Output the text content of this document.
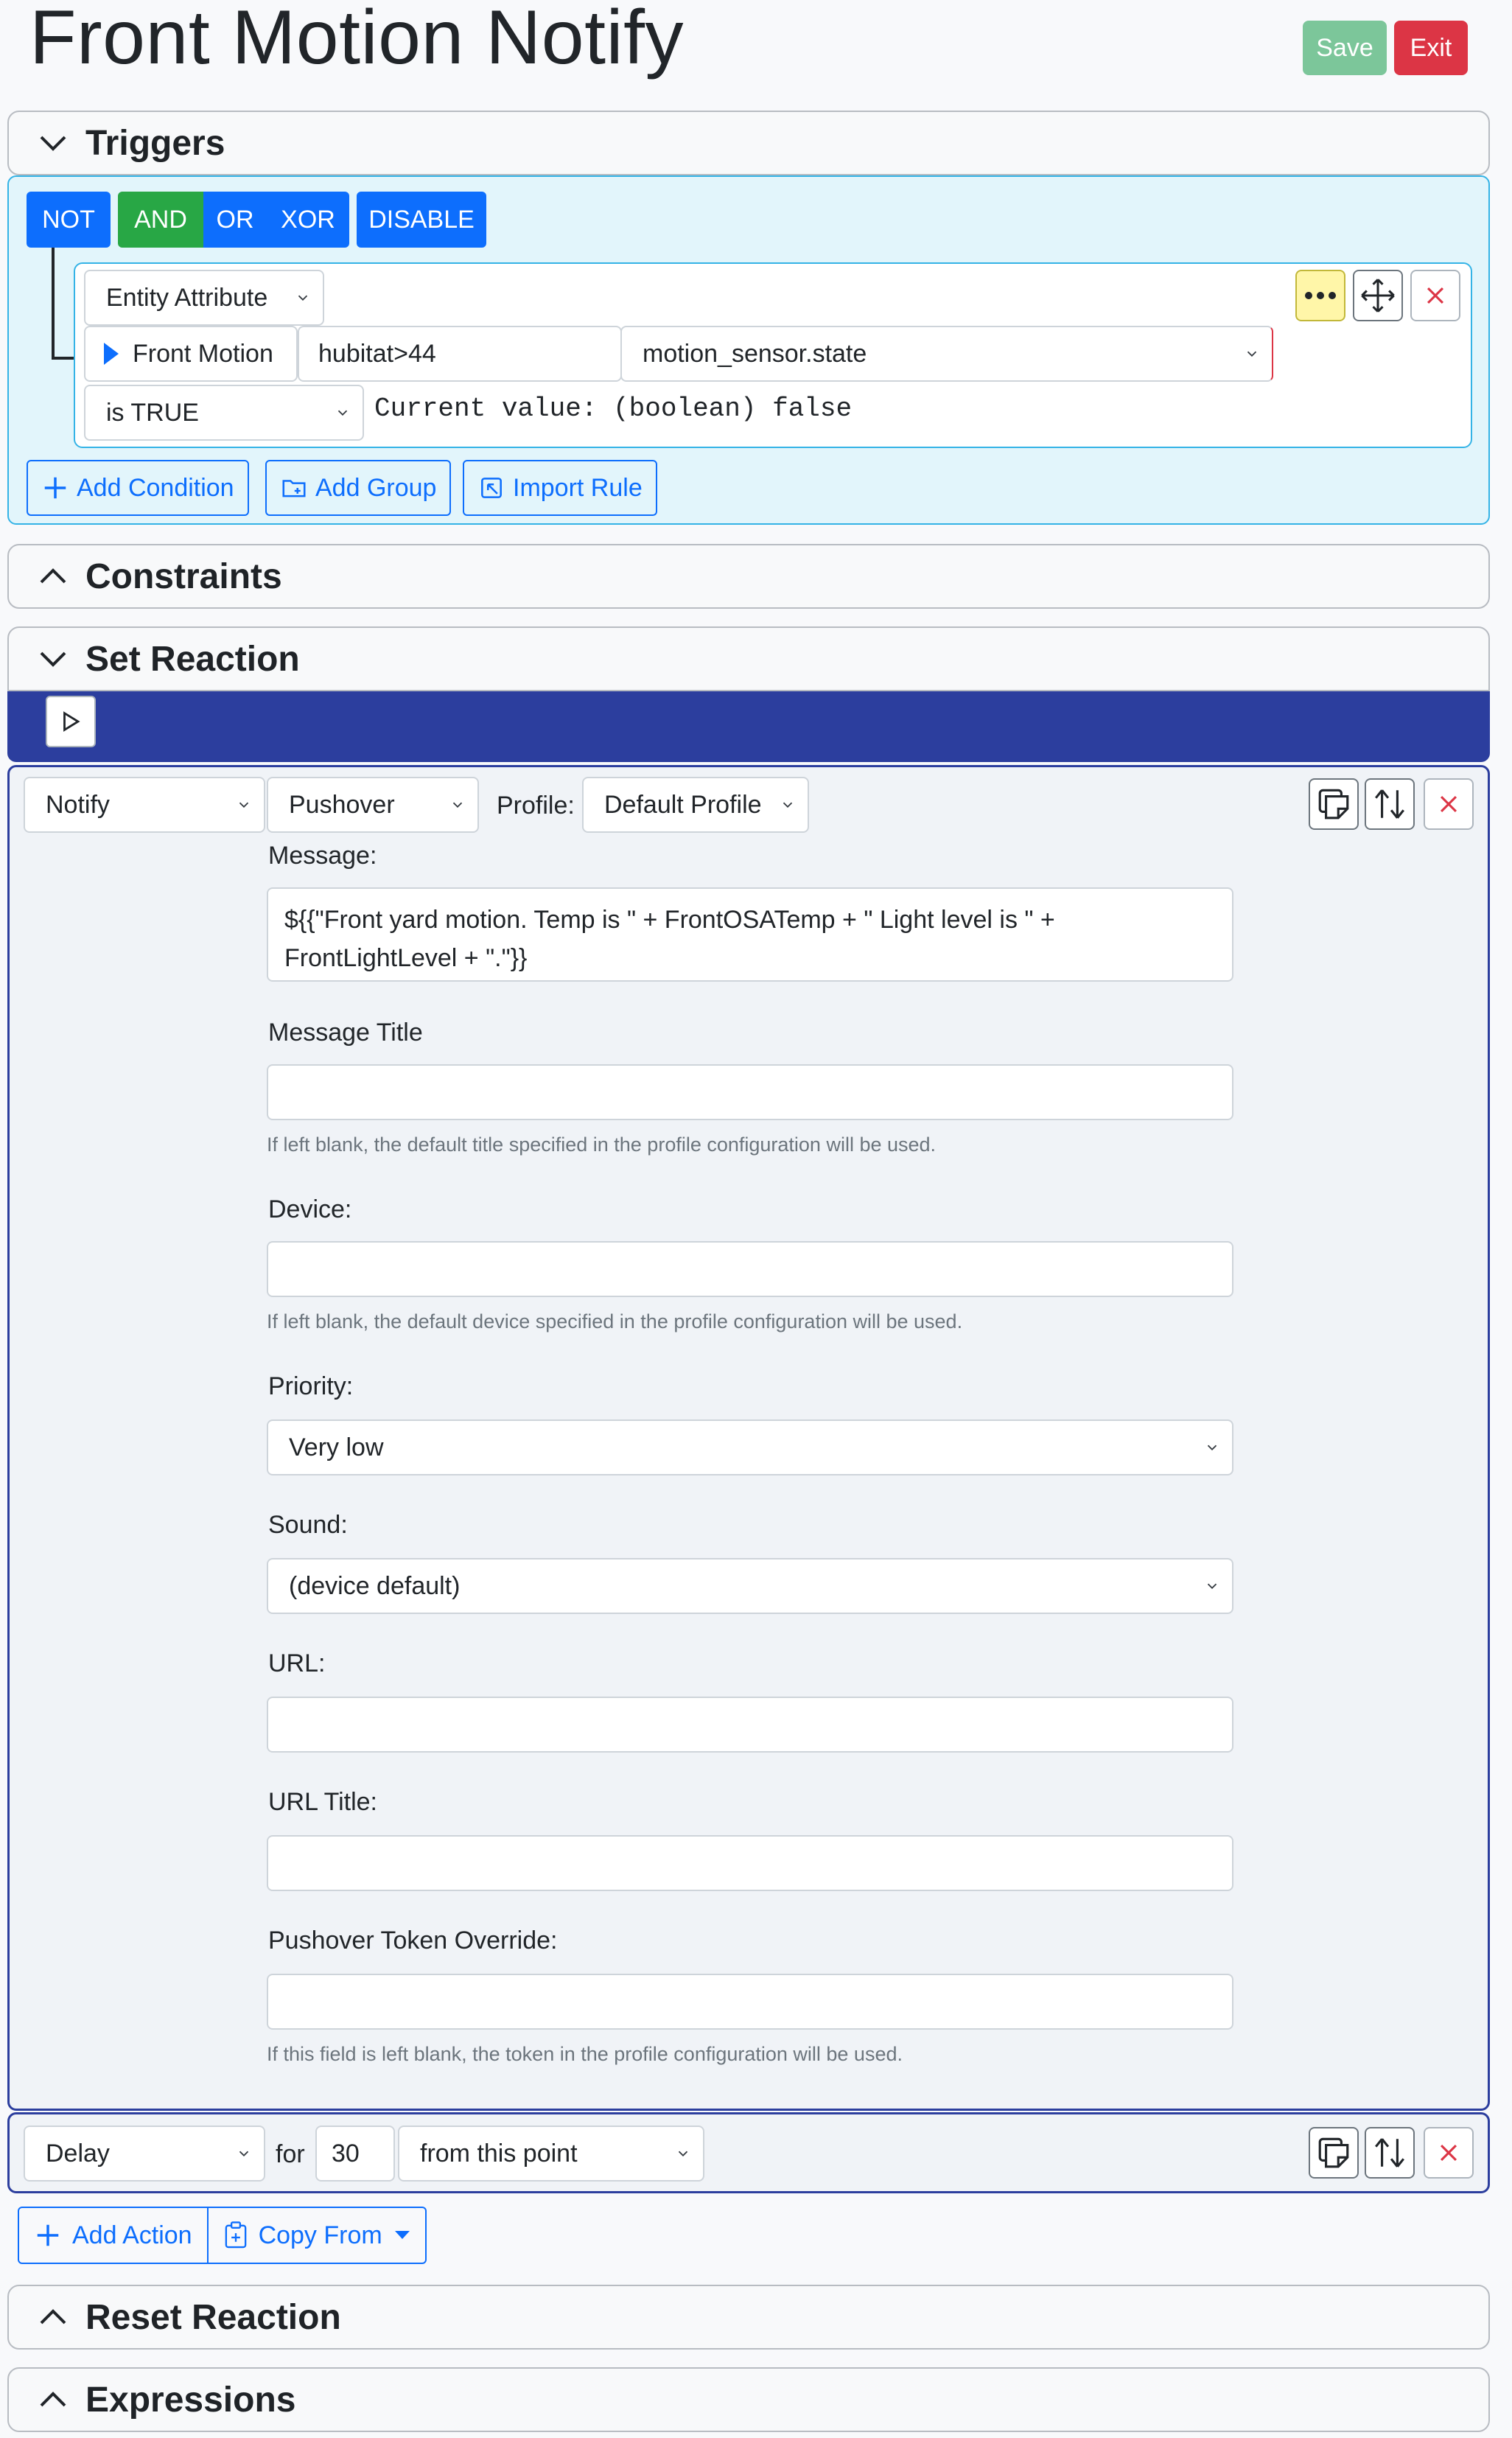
Front Motion Notify	Save	Exit
Triggers
NOT	AND	OR	XOR	DISABLE
Entity Attribute
Front Motion hubitat>44	motion_sensor.state
is TRUE	Current value: (boolean) false
Add Condition	Add Group	Import Rule
Constraints
Set Reaction
Notify	Pushover	Profile: Default Profile
Message:
${{"Front yard motion. Temp is " + FrontOSATemp + " Light level is " + FrontLightLevel + "."}}
Message Title
If left blank, the default title specified in the profile configuration will be used.
Device:
If left blank, the default device specified in the profile configuration will be used.
Priority:
Very low
Sound:
(device default)
URL:
URL Title:
Pushover Token Override:
If this field is left blank, the token in the profile configuration will be used.
Delay	for	30	from this point
Add Action	Copy From
Reset Reaction
Expressions
